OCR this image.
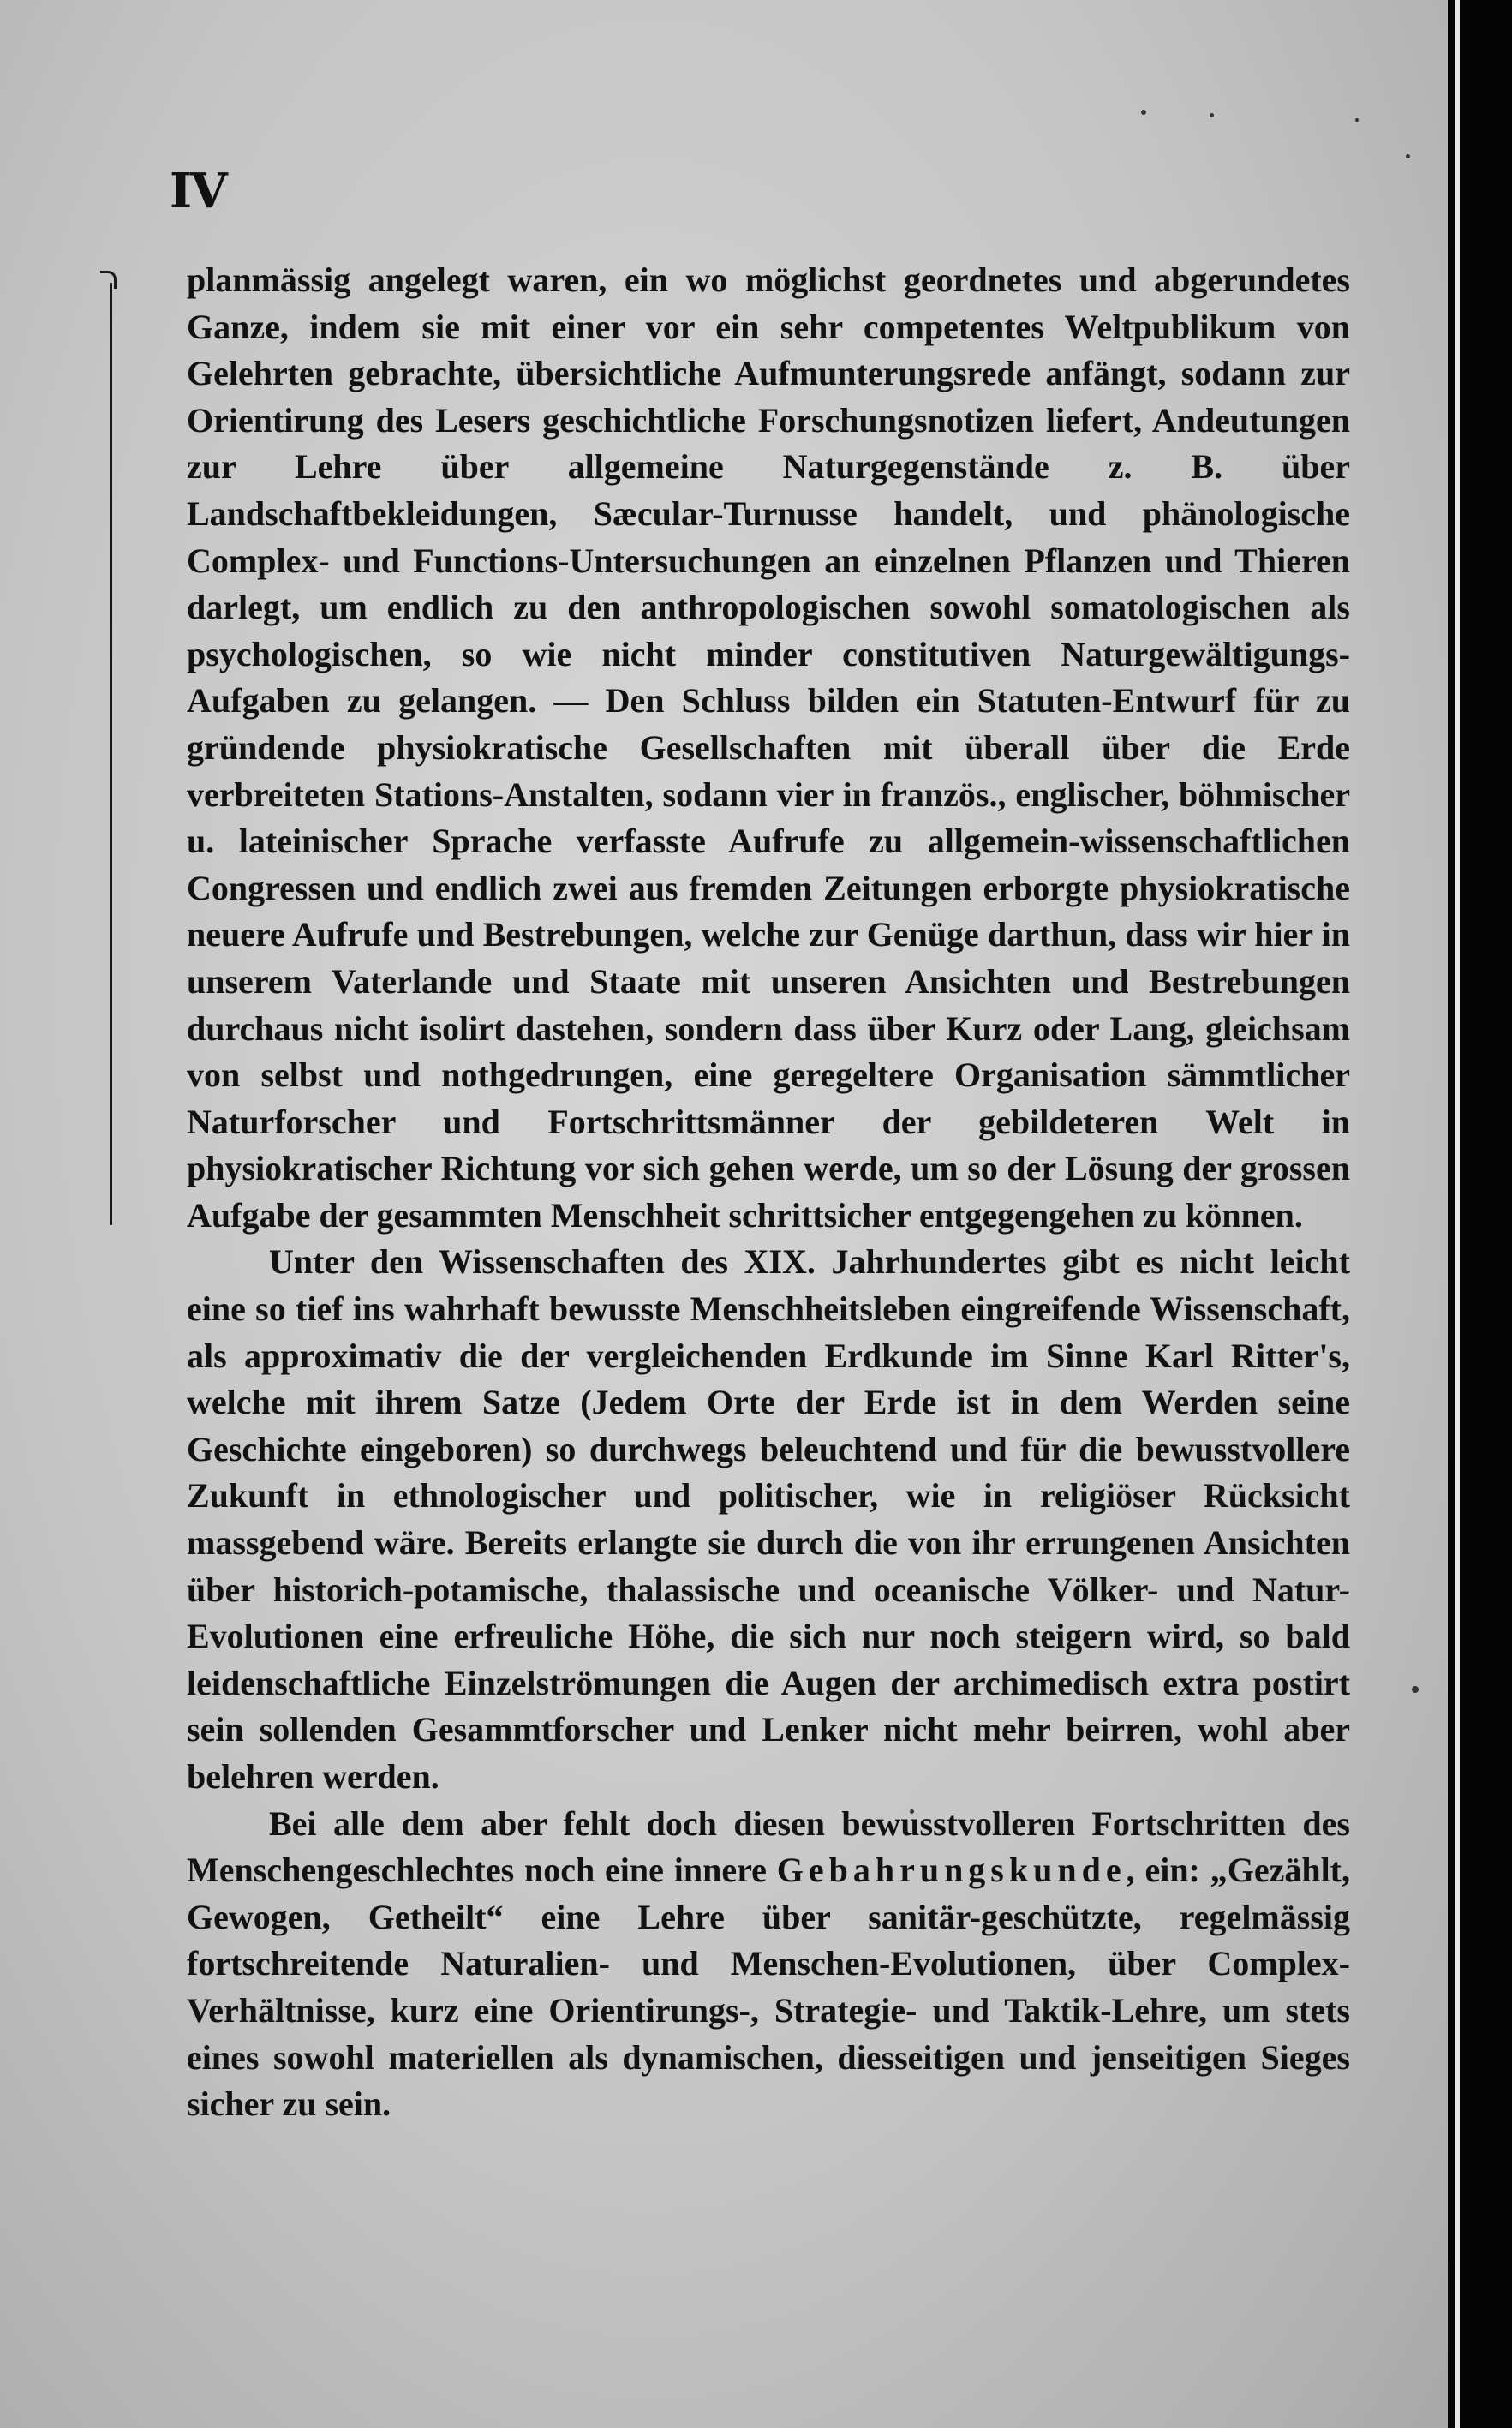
IV

planmässig angelegt waren, ein wo möglichst geordnetes und abgerundetes Ganze, indem sie mit einer vor ein sehr competentes Weltpublikum von Gelehrten gebrachte, übersichtliche Aufmunterungsrede anfängt, sodann zur Orientirung des Lesers geschichtliche Forschungsnotizen liefert, Andeutungen zur Lehre über allgemeine Naturgegenstände z. B. über Landschaftbekleidungen, Sæcular-Turnusse handelt, und phänologische Complex- und Functions-Untersuchungen an einzelnen Pflanzen und Thieren darlegt, um endlich zu den anthropologischen sowohl somatologischen als psychologischen, so wie nicht minder constitutiven Naturgewältigungs-Aufgaben zu gelangen. — Den Schluss bilden ein Statuten-Entwurf für zu gründende physiokratische Gesellschaften mit überall über die Erde verbreiteten Stations-Anstalten, sodann vier in französ., englischer, böhmischer u. lateinischer Sprache verfasste Aufrufe zu allgemein-wissenschaftlichen Congressen und endlich zwei aus fremden Zeitungen erborgte physiokratische neuere Aufrufe und Bestrebungen, welche zur Genüge darthun, dass wir hier in unserem Vaterlande und Staate mit unseren Ansichten und Bestrebungen durchaus nicht isolirt dastehen, sondern dass über Kurz oder Lang, gleichsam von selbst und nothgedrungen, eine geregeltere Organisation sämmtlicher Naturforscher und Fortschrittsmänner der gebildeteren Welt in physiokratischer Richtung vor sich gehen werde, um so der Lösung der grossen Aufgabe der gesammten Menschheit schrittsicher entgegengehen zu können.

Unter den Wissenschaften des XIX. Jahrhundertes gibt es nicht leicht eine so tief ins wahrhaft bewusste Menschheitsleben eingreifende Wissenschaft, als approximativ die der vergleichenden Erdkunde im Sinne Karl Ritter's, welche mit ihrem Satze (Jedem Orte der Erde ist in dem Werden seine Geschichte eingeboren) so durchwegs beleuchtend und für die bewusstvollere Zukunft in ethnologischer und politischer, wie in religiöser Rücksicht massgebend wäre. Bereits erlangte sie durch die von ihr errungenen Ansichten über historich-potamische, thalassische und oceanische Völker- und Natur-Evolutionen eine erfreuliche Höhe, die sich nur noch steigern wird, so bald leidenschaftliche Einzelströmungen die Augen der archimedisch extra postirt sein sollenden Gesammtforscher und Lenker nicht mehr beirren, wohl aber belehren werden.

Bei alle dem aber fehlt doch diesen bewusstvolleren Fortschritten des Menschengeschlechtes noch eine innere Gebahrungskunde, ein: „Gezählt, Gewogen, Getheilt“ eine Lehre über sanitär-geschützte, regelmässig fortschreitende Naturalien- und Menschen-Evolutionen, über Complex-Verhältnisse, kurz eine Orientirungs-, Strategie- und Taktik-Lehre, um stets eines sowohl materiellen als dynamischen, diesseitigen und jenseitigen Sieges sicher zu sein.
